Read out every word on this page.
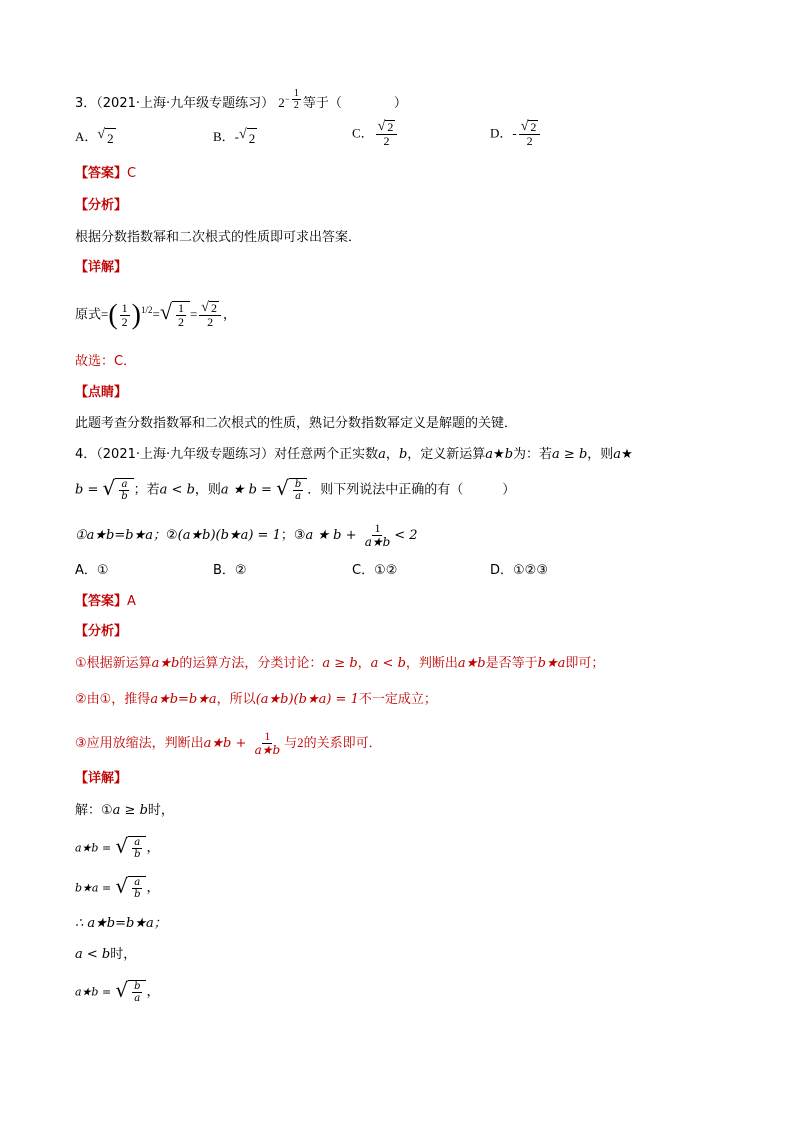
3．（2021·上海·九年级专题练习） $2^{- \frac{1}{2}}$ 等于（　　　　）
A． √ 2	B．- √ 2	C． $\frac{√ 2}{2}$	D．- $\frac{√ 2}{2}$
【答案】C
【分析】
根据分数指数幂和二次根式的性质即可求出答案．
【详解】
原式=( $\frac{1}{2} )^{1/2}=$ √ $\frac{1}{2} = \frac{√ 2}{2}$ ，
故选：C．
【点睛】
此题考查分数指数幂和二次根式的性质，熟记分数指数幂定义是解题的关键．
4．（2021·上海·九年级专题练习）对任意两个正实数a，b，定义新运算a★b为：若a ≥ b，则a★
b = √ $\frac{a}{b}$ ；若a < b，则a ★ b = √ $\frac{b}{a}$ ．则下列说法中正确的有（　　　）
①a★b=b★a；②(a★b)(b★a) = 1；③a ★ $b + \frac{1}{a★b} < 2$
A．①	B．②	C．①②	D．①②③
【答案】A
【分析】
①根据新运算a★b的运算方法，分类讨论：a ≥ b，a < b，判断出a★b是否等于b★a即可；
②由①，推得a★b=b★a，所以(a★b)(b★a) = 1不一定成立；
③应用放缩法，判断出a★b + $\frac{1}{a★b}$ 与2的关系即可．
【详解】
解：①a ≥ b时，
a★b = √ $\frac{a}{b}$ ，
b★a = √ $\frac{a}{b}$ ，
∴ a★b=b★a；
a < b时，
a★b = √ $\frac{b}{a}$ ，
